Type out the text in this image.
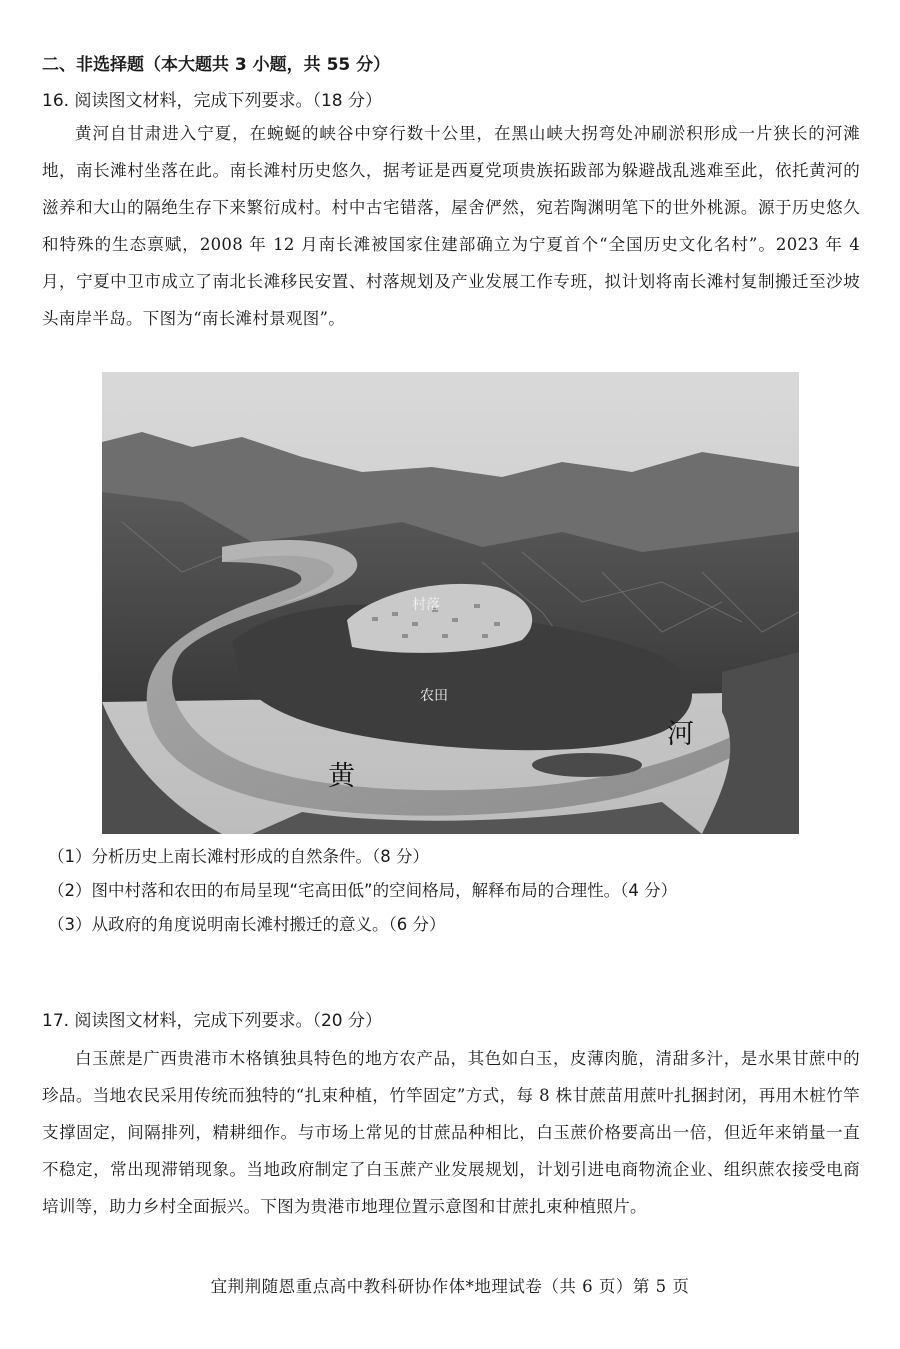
二、非选择题（本大题共 3 小题，共 55 分）
16. 阅读图文材料，完成下列要求。（18 分）
黄河自甘肃进入宁夏，在蜿蜒的峡谷中穿行数十公里，在黑山峡大拐弯处冲刷淤积形成一片狭长的河滩地，南长滩村坐落在此。南长滩村历史悠久，据考证是西夏党项贵族拓跋部为躲避战乱逃难至此，依托黄河的滋养和大山的隔绝生存下来繁衍成村。村中古宅错落，屋舍俨然，宛若陶渊明笔下的世外桃源。源于历史悠久和特殊的生态禀赋，2008 年 12 月南长滩被国家住建部确立为宁夏首个“全国历史文化名村”。2023 年 4 月，宁夏中卫市成立了南北长滩移民安置、村落规划及产业发展工作专班，拟计划将南长滩村复制搬迁至沙坡头南岸半岛。下图为“南长滩村景观图”。
村落
农田
黄
河
（1）分析历史上南长滩村形成的自然条件。（8 分）
（2）图中村落和农田的布局呈现“宅高田低”的空间格局，解释布局的合理性。（4 分）
（3）从政府的角度说明南长滩村搬迁的意义。（6 分）
17. 阅读图文材料，完成下列要求。（20 分）
白玉蔗是广西贵港市木格镇独具特色的地方农产品，其色如白玉，皮薄肉脆，清甜多汁，是水果甘蔗中的珍品。当地农民采用传统而独特的“扎束种植，竹竿固定”方式，每 8 株甘蔗苗用蔗叶扎捆封闭，再用木桩竹竿支撑固定，间隔排列，精耕细作。与市场上常见的甘蔗品种相比，白玉蔗价格要高出一倍，但近年来销量一直不稳定，常出现滞销现象。当地政府制定了白玉蔗产业发展规划，计划引进电商物流企业、组织蔗农接受电商培训等，助力乡村全面振兴。下图为贵港市地理位置示意图和甘蔗扎束种植照片。
宜荆荆随恩重点高中教科研协作体*地理试卷（共 6 页）第 5 页
